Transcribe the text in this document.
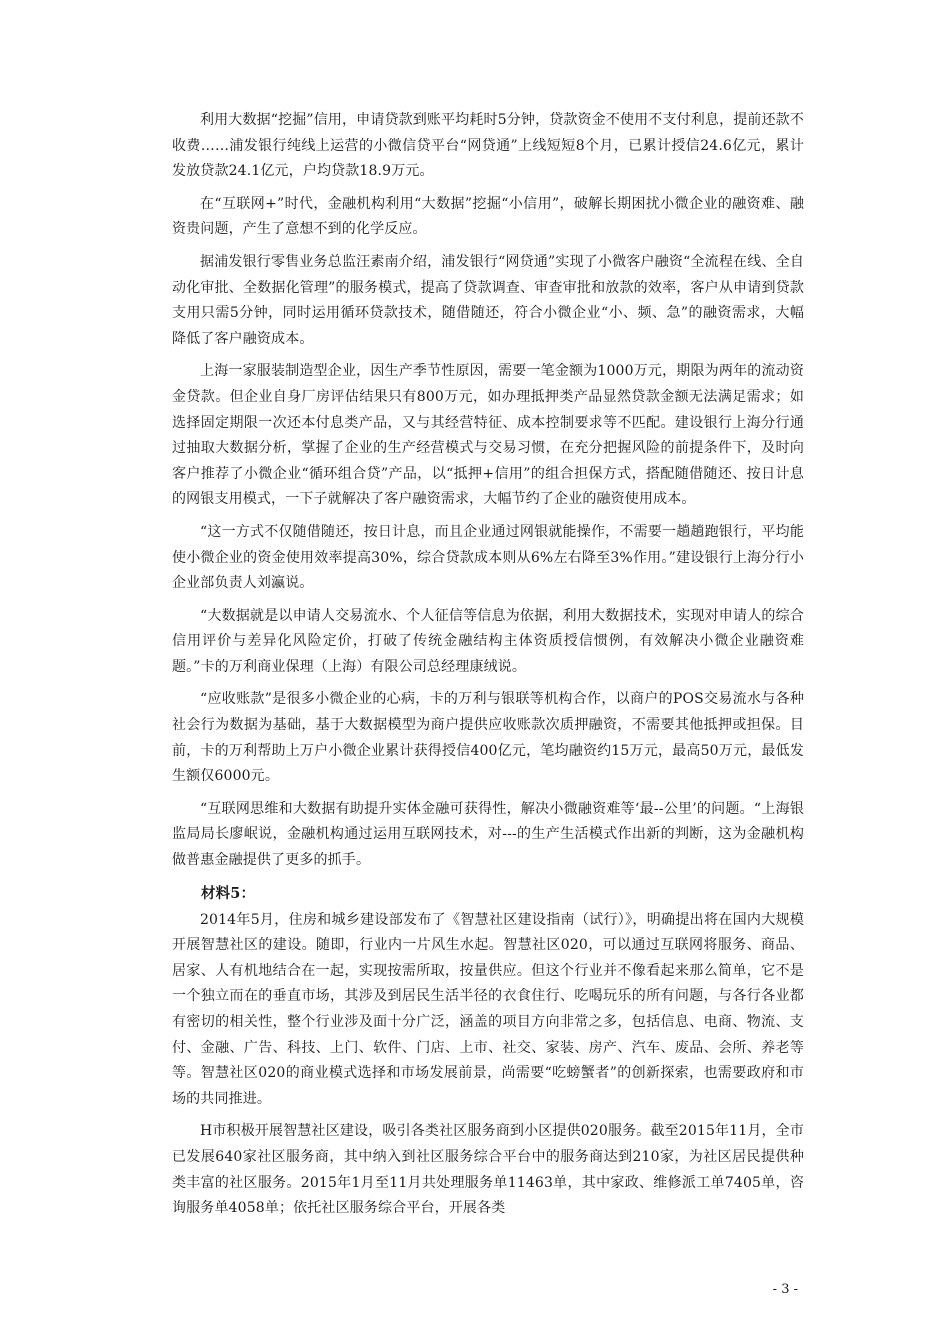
利用大数据“挖掘”信用，申请贷款到账平均耗时5分钟，贷款资金不使用不支付利息，提前还款不收费……浦发银行纯线上运营的小微信贷平台“网贷通”上线短短8个月，已累计授信24.6亿元，累计发放贷款24.1亿元，户均贷款18.9万元。

在“互联网+”时代，金融机构利用“大数据”挖掘“小信用”，破解长期困扰小微企业的融资难、融资贵问题，产生了意想不到的化学反应。

据浦发银行零售业务总监汪素南介绍，浦发银行“网贷通”实现了小微客户融资“全流程在线、全自动化审批、全数据化管理”的服务模式，提高了贷款调查、审查审批和放款的效率，客户从申请到贷款支用只需5分钟，同时运用循环贷款技术，随借随还，符合小微企业“小、频、急”的融资需求，大幅降低了客户融资成本。

上海一家服装制造型企业，因生产季节性原因，需要一笔金额为1000万元，期限为两年的流动资金贷款。但企业自身厂房评估结果只有800万元，如办理抵押类产品显然贷款金额无法满足需求；如选择固定期限一次还本付息类产品，又与其经营特征、成本控制要求等不匹配。建设银行上海分行通过抽取大数据分析，掌握了企业的生产经营模式与交易习惯，在充分把握风险的前提条件下，及时向客户推荐了小微企业“循环组合贷”产品，以“抵押+信用”的组合担保方式，搭配随借随还、按日计息的网银支用模式，一下子就解决了客户融资需求，大幅节约了企业的融资使用成本。

“这一方式不仅随借随还，按日计息，而且企业通过网银就能操作，不需要一趟趟跑银行，平均能使小微企业的资金使用效率提高30%，综合贷款成本则从6%左右降至3%作用。”建设银行上海分行小企业部负责人刘瀛说。

“大数据就是以申请人交易流水、个人征信等信息为依据，利用大数据技术，实现对申请人的综合信用评价与差异化风险定价，打破了传统金融结构主体资质授信惯例，有效解决小微企业融资难题。”卡的万利商业保理（上海）有限公司总经理康绒说。

“应收账款”是很多小微企业的心病，卡的万利与银联等机构合作，以商户的POS交易流水与各种社会行为数据为基础，基于大数据模型为商户提供应收账款次质押融资，不需要其他抵押或担保。目前，卡的万利帮助上万户小微企业累计获得授信400亿元，笔均融资约15万元，最高50万元，最低发生额仅6000元。

“互联网思维和大数据有助提升实体金融可获得性，解决小微融资难等‘最--公里’的问题。“上海银监局局长廖岷说，金融机构通过运用互联网技术，对---的生产生活模式作出新的判断，这为金融机构做普惠金融提供了更多的抓手。

材料5：

2014年5月，住房和城乡建设部发布了《智慧社区建设指南（试行）》，明确提出将在国内大规模开展智慧社区的建设。随即，行业内一片风生水起。智慧社区020，可以通过互联网将服务、商品、居家、人有机地结合在一起，实现按需所取，按量供应。但这个行业并不像看起来那么简单，它不是一个独立而在的垂直市场，其涉及到居民生活半径的衣食住行、吃喝玩乐的所有问题，与各行各业都有密切的相关性，整个行业涉及面十分广泛，涵盖的项目方向非常之多，包括信息、电商、物流、支付、金融、广告、科技、上门、软件、门店、上市、社交、家装、房产、汽车、废品、会所、养老等等。智慧社区020的商业模式选择和市场发展前景，尚需要“吃螃蟹者”的创新探索，也需要政府和市场的共同推进。

H市积极开展智慧社区建设，吸引各类社区服务商到小区提供020服务。截至2015年11月，全市已发展640家社区服务商，其中纳入到社区服务综合平台中的服务商达到210家，为社区居民提供种类丰富的社区服务。2015年1月至11月共处理服务单11463单，其中家政、维修派工单7405单，咨询服务单4058单；依托社区服务综合平台，开展各类

- 3 -
